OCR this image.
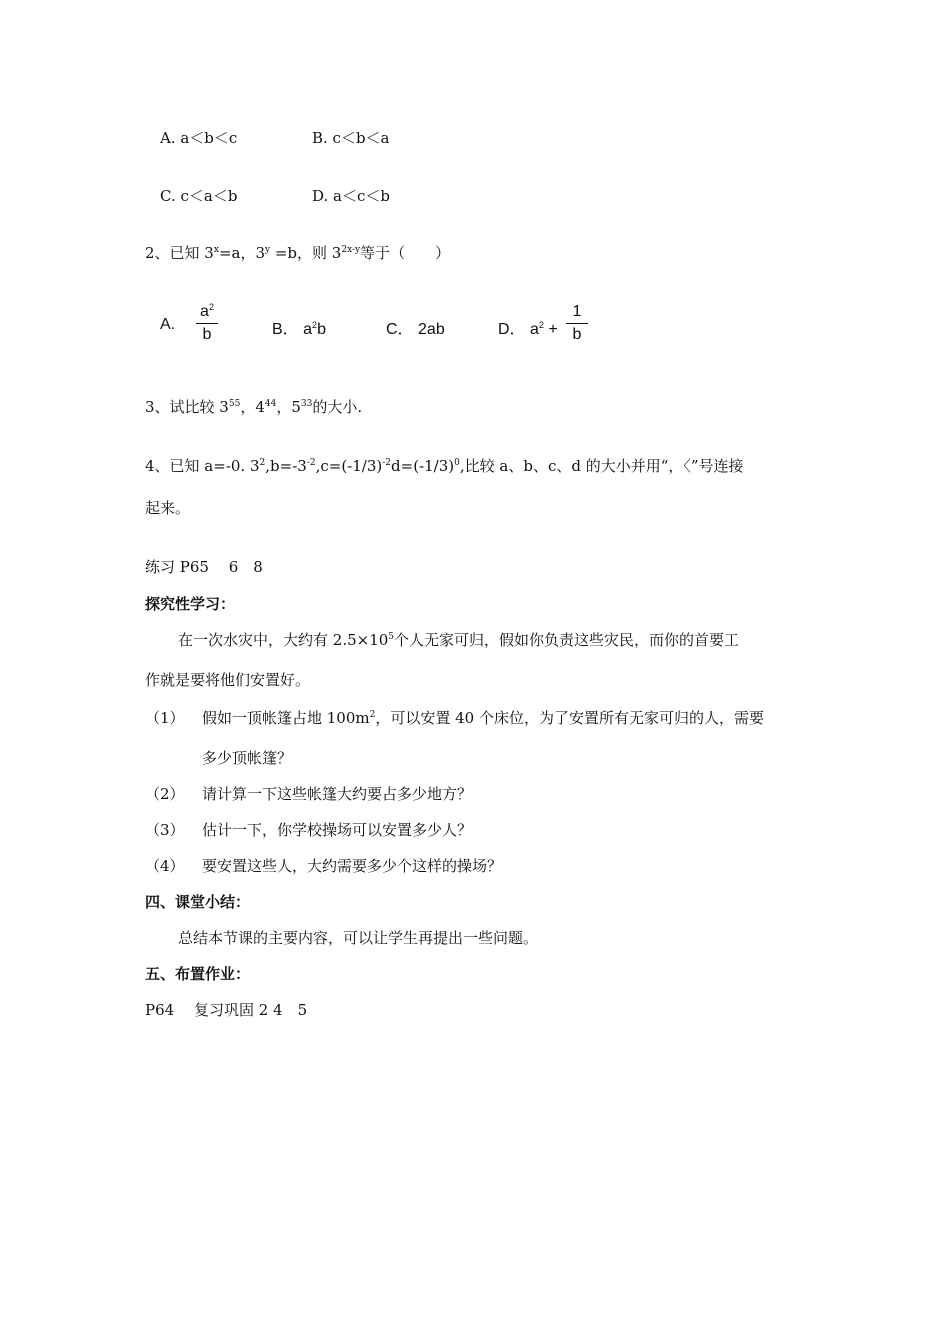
A. a＜b＜c	B. c＜b＜a
C. c＜a＜b	D. a＜c＜b
2、已知 $3^x=a$，$3^y =b$，则 $3^{2x-y}$等于（　　）
A.
$a^2$
b	B． $a^2b$	C． 2ab	D． $a^2$ +
1
b
3、试比较 $3^{55}$，$4^{44}$，$5^{33}$的大小.
4、已知 a=-0. $3^2,b=-3^{-2},c=(-1/3)^{-2}d=(-1/3)^0$,比较 a、b、c、d 的大小并用“，〈”号连接
起来。
练习 P65　 6　8
探究性学习：
在一次水灾中，大约有 $2.5\times 10^5$个人无家可归，假如你负责这些灾民，而你的首要工
作就是要将他们安置好。
（1） 假如一顶帐篷占地 $100m^2$，可以安置 40 个床位，为了安置所有无家可归的人，需要
多少顶帐篷？
（2） 请计算一下这些帐篷大约要占多少地方？
（3） 估计一下，你学校操场可以安置多少人？
（4） 要安置这些人，大约需要多少个这样的操场？
四、课堂小结：
总结本节课的主要内容，可以让学生再提出一些问题。
五、布置作业：
P64　 复习巩固 2 4　5
